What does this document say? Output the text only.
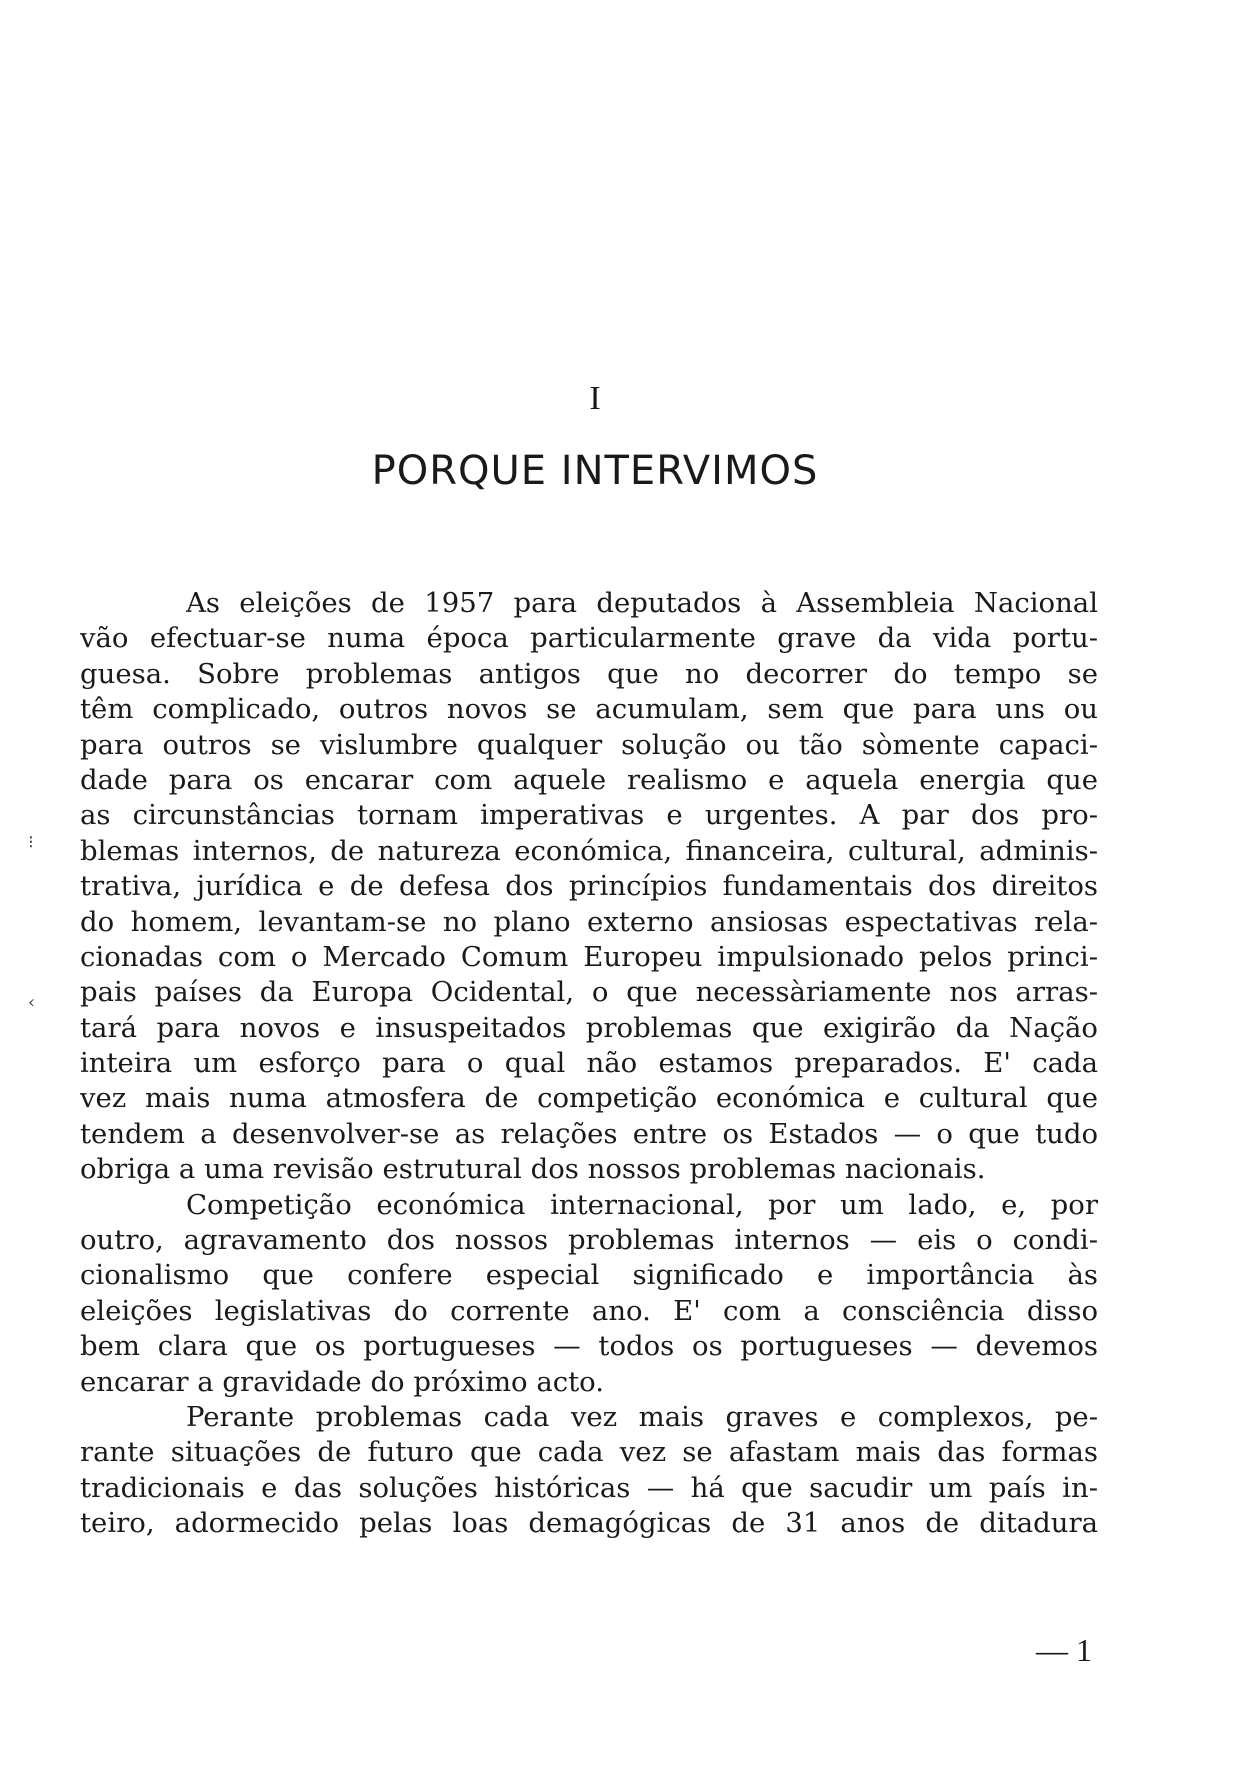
I
PORQUE INTERVIMOS
⁝
‹
As eleições de 1957 para deputados à Assembleia Nacional
vão efectuar-se numa época particularmente grave da vida portu-
guesa. Sobre problemas antigos que no decorrer do tempo se
têm complicado, outros novos se acumulam, sem que para uns ou
para outros se vislumbre qualquer solução ou tão sòmente capaci-
dade para os encarar com aquele realismo e aquela energia que
as circunstâncias tornam imperativas e urgentes. A par dos pro-
blemas internos, de natureza económica, financeira, cultural, adminis-
trativa, jurídica e de defesa dos princípios fundamentais dos direitos
do homem, levantam-se no plano externo ansiosas espectativas rela-
cionadas com o Mercado Comum Europeu impulsionado pelos princi-
pais países da Europa Ocidental, o que necessàriamente nos arras-
tará para novos e insuspeitados problemas que exigirão da Nação
inteira um esforço para o qual não estamos preparados. E' cada
vez mais numa atmosfera de competição económica e cultural que
tendem a desenvolver-se as relações entre os Estados — o que tudo
obriga a uma revisão estrutural dos nossos problemas nacionais.
Competição económica internacional, por um lado, e, por
outro, agravamento dos nossos problemas internos — eis o condi-
cionalismo que confere especial significado e importância às
eleições legislativas do corrente ano. E' com a consciência disso
bem clara que os portugueses — todos os portugueses — devemos
encarar a gravidade do próximo acto.
Perante problemas cada vez mais graves e complexos, pe-
rante situações de futuro que cada vez se afastam mais das formas
tradicionais e das soluções históricas — há que sacudir um país in-
teiro, adormecido pelas loas demagógicas de 31 anos de ditadura
— 1
